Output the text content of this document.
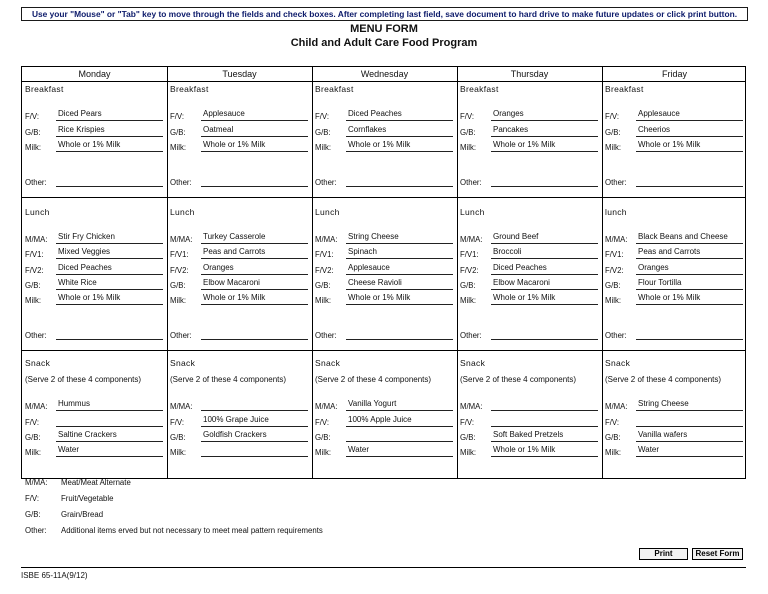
Use your "Mouse" or "Tab" key to move through the fields and check boxes. After completing last field, save document to hard drive to make future updates or click print button.
MENU FORM
Child and Adult Care Food Program
Monday
Breakfast
F/V: Diced Pears
G/B: Rice Krispies
Milk: Whole or 1% Milk
Other:
Lunch
M/MA: Stir Fry Chicken
F/V1: Mixed Veggies
F/V2: Diced Peaches
G/B: White Rice
Milk: Whole or 1% Milk
Other:
Snack
(Serve 2 of these 4 components)
M/MA: Hummus
F/V:
G/B: Saltine Crackers
Milk: Water
Tuesday
Breakfast
F/V: Applesauce
G/B: Oatmeal
Milk: Whole or 1% Milk
Other:
Lunch
M/MA: Turkey Casserole
F/V1: Peas and Carrots
F/V2: Oranges
G/B: Elbow Macaroni
Milk: Whole or 1% Milk
Other:
Snack
(Serve 2 of these 4 components)
M/MA:
F/V: 100% Grape Juice
G/B: Goldfish Crackers
Milk:
Wednesday
Breakfast
F/V: Diced Peaches
G/B: Cornflakes
Milk: Whole or 1% Milk
Other:
Lunch
M/MA: String Cheese
F/V1: Spinach
F/V2: Applesauce
G/B: Cheese Ravioli
Milk: Whole or 1% Milk
Other:
Snack
(Serve 2 of these 4 components)
M/MA: Vanilla Yogurt
F/V: 100% Apple Juice
G/B:
Milk: Water
Thursday
Breakfast
F/V: Oranges
G/B: Pancakes
Milk: Whole or 1% Milk
Other:
Lunch
M/MA: Ground Beef
F/V1: Broccoli
F/V2: Diced Peaches
G/B: Elbow Macaroni
Milk: Whole or 1% Milk
Other:
Snack
(Serve 2 of these 4 components)
M/MA:
F/V:
G/B: Soft Baked Pretzels
Milk: Whole or 1% Milk
Friday
Breakfast
F/V: Applesauce
G/B: Cheerios
Milk: Whole or 1% Milk
Other:
lunch
M/MA: Black Beans and Cheese
F/V1: Peas and Carrots
F/V2: Oranges
G/B: Flour Tortilla
Milk: Whole or 1% Milk
Other:
Snack
(Serve 2 of these 4 components)
M/MA: String Cheese
F/V:
G/B: Vanilla wafers
Milk: Water
M/MA: Meat/Meat Alternate
F/V:	Fruit/Vegetable
G/B:	Grain/Bread
Other: Additional items erved but not necessary to meet meal pattern requirements
Print	Reset Form
ISBE 65-11A(9/12)
